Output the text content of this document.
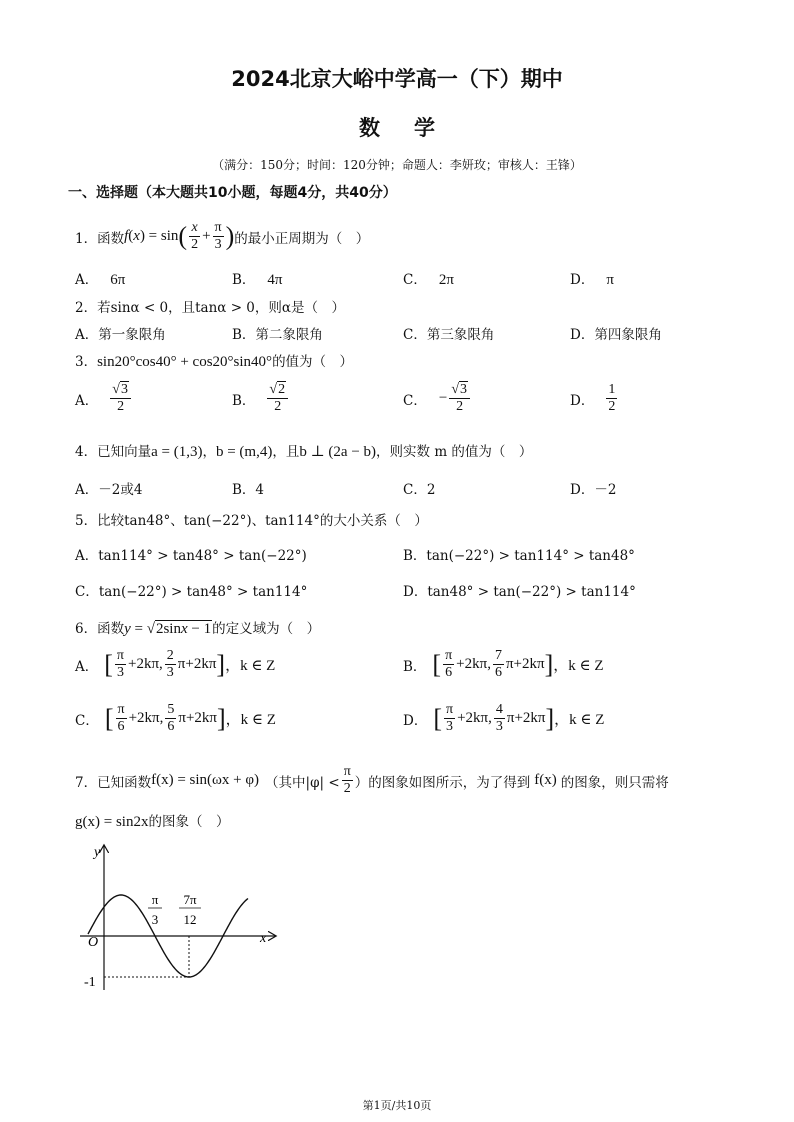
2024北京大峪中学高一（下）期中
数学
（满分：150分；时间：120分钟；命题人：李妍玫；审核人：王锋）
一、选择题（本大题共10小题，每题4分，共40分）
1． 函数 $f(x) = \sin( \frac{x}{2} + \frac{\pi}{3}$ ) 的最小正周期为（　）
A． 6π	B． 4π	C． 2π	D． π
2．若sinα < 0，且tanα > 0，则α是（　）
A．第一象限角	B．第二象限角	C．第三象限角	D．第四象限角
3．sin20°cos40° + cos20°sin40°的值为（　）
A． $\frac{√3}{2}$	B． $\frac{√2}{2}$	C． − $\frac{√3}{2}$	D． $\frac{1}{2}$
4．已知向量a = (1,3)，b = (m,4)，且b ⊥ (2a − b)，则实数 m 的值为（　）
A．－2或4	B．4	C．2	D．－2
5．比较tan48°、tan(−22°)、tan114°的大小关系（　）
A．tan114° > tan48° > tan(−22°)	B．tan(−22°) > tan114° > tan48°
C．tan(−22°) > tan48° > tan114°	D．tan48° > tan(−22°) > tan114°
6．函数y = √2sinx − 1的定义域为（　）
A． [ $\frac{\pi}{3} +2k\pi$, $\frac{2}{3} \pi+2k\pi$ ] ，k ∈ Z	B． [ $\frac{\pi}{6} +2k\pi$, $\frac{7}{6} \pi+2k\pi$ ] ，k ∈ Z
C． [ $\frac{\pi}{6} +2k\pi$, $\frac{5}{6} \pi+2k\pi$ ] ，k ∈ Z	D． [ $\frac{\pi}{3} +2k\pi$, $\frac{4}{3} \pi+2k\pi$ ] ，k ∈ Z
7． 已知函数 f(x) = sin(ωx + φ) （其中$|\varphi| < \frac{\pi}{2}$ ）的图象如图所示，为了得到 f(x) 的图象，则只需将
g(x) = sin2x的图象（　）
y
x
O
-1
π
3
7π
12
第1页/共10页
